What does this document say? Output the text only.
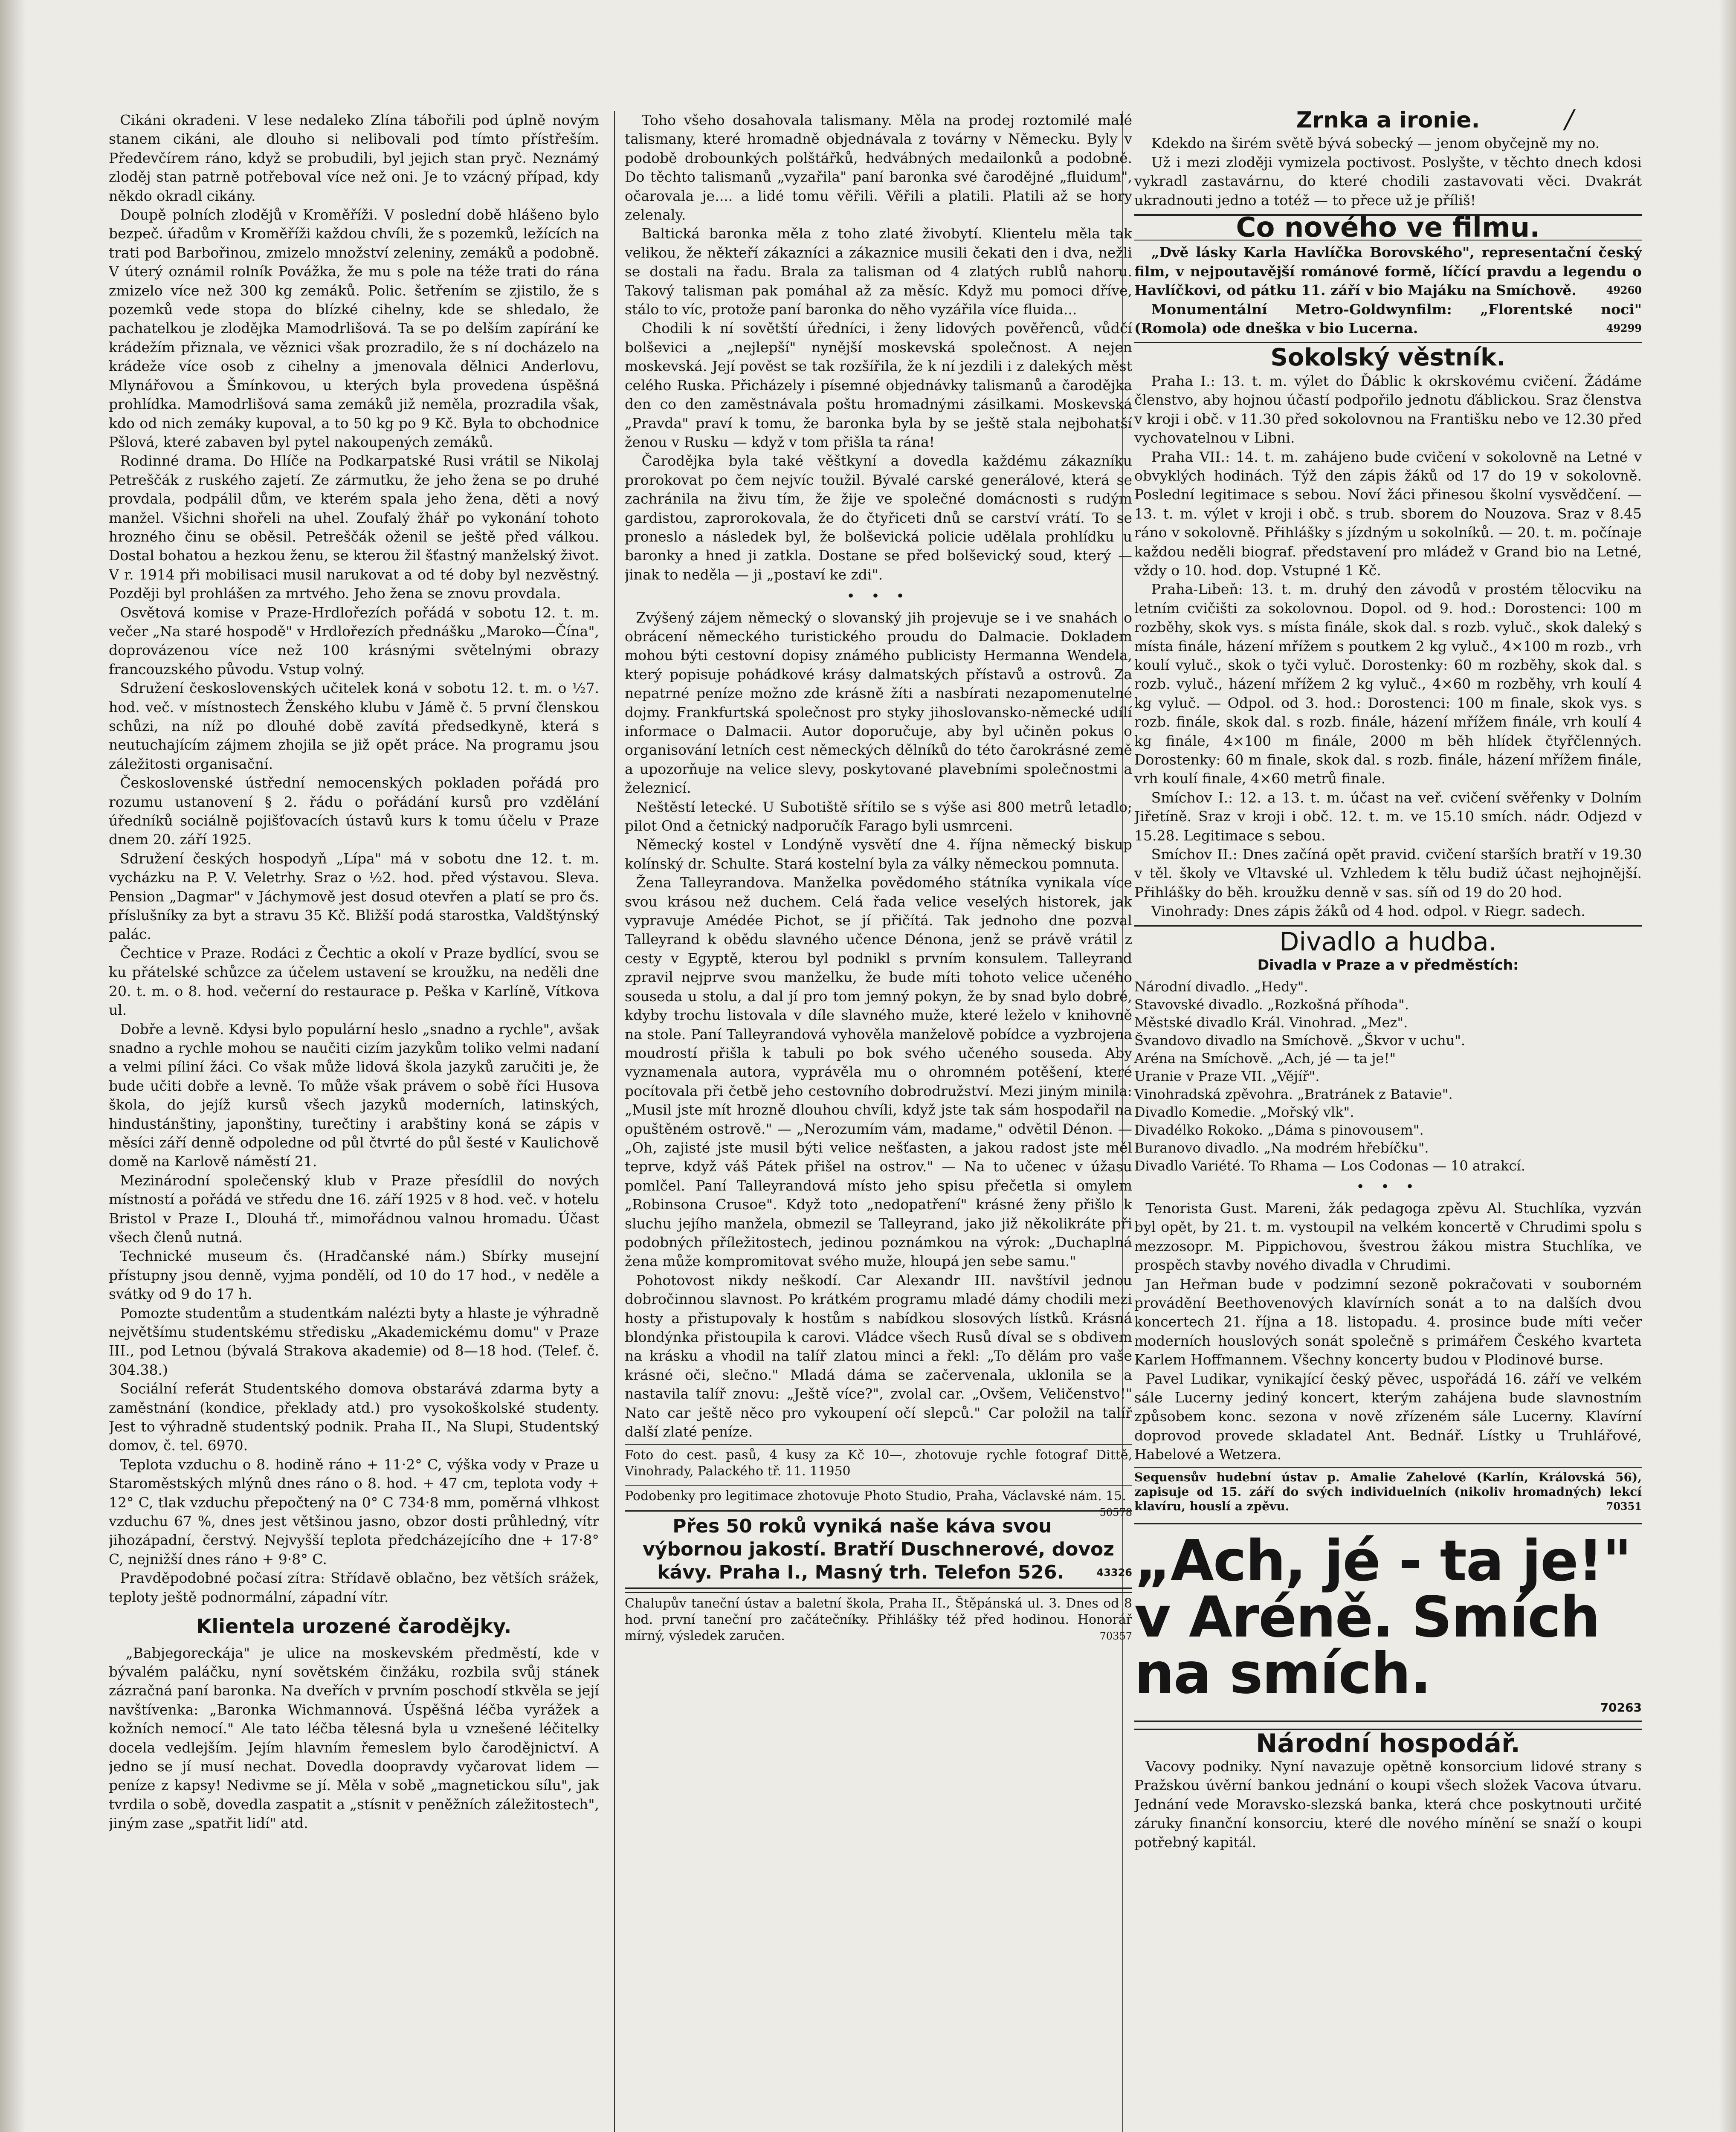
/

Cikáni okradeni. V lese nedaleko Zlína tábořili pod úplně novým stanem cikáni, ale dlouho si nelibovali pod tímto přístřeším. Předevčírem ráno, když se probudili, byl jejich stan pryč. Neznámý zloděj stan patrně potřeboval více než oni. Je to vzácný případ, kdy někdo okradl cikány.

Doupě polních zlodějů v Kroměříži. V poslední době hlášeno bylo bezpeč. úřadům v Kroměříži každou chvíli, že s pozemků, ležících na trati pod Barbořinou, zmizelo množství zeleniny, zemáků a podobně. V úterý oznámil rolník Povážka, že mu s pole na téže trati do rána zmizelo více než 300 kg zemáků. Polic. šetřením se zjistilo, že s pozemků vede stopa do blízké cihelny, kde se shledalo, že pachatelkou je zlodějka Mamodrlišová. Ta se po delším zapírání ke krádežím přiznala, ve věznici však prozradilo, že s ní docházelo na krádeže více osob z cihelny a jmenovala dělnici Anderlovu, Mlynářovou a Šmínkovou, u kterých byla provedena úspěšná prohlídka. Mamodrlišová sama zemáků již neměla, prozradila však, kdo od nich zemáky kupoval, a to 50 kg po 9 Kč. Byla to obchodnice Pšlová, které zabaven byl pytel nakoupených zemáků.

Rodinné drama. Do Hlíče na Podkarpatské Rusi vrátil se Nikolaj Petreščák z ruského zajetí. Ze zármutku, že jeho žena se po druhé provdala, podpálil dům, ve kterém spala jeho žena, děti a nový manžel. Všichni shořeli na uhel. Zoufalý žhář po vykonání tohoto hrozného činu se oběsil. Petreščák oženil se ještě před válkou. Dostal bohatou a hezkou ženu, se kterou žil šťastný manželský život. V r. 1914 při mobilisaci musil narukovat a od té doby byl nezvěstný. Později byl prohlášen za mrtvého. Jeho žena se znovu provdala.

Osvětová komise v Praze-Hrdlořezích pořádá v sobotu 12. t. m. večer „Na staré hospodě" v Hrdlořezích přednášku „Maroko—Čína", doprovázenou více než 100 krásnými světelnými obrazy francouzského původu. Vstup volný.

Sdružení československých učitelek koná v sobotu 12. t. m. o ½7. hod. več. v místnostech Ženského klubu v Jámě č. 5 první členskou schůzi, na níž po dlouhé době zavítá předsedkyně, která s neutuchajícím zájmem zhojila se již opět práce. Na programu jsou záležitosti organisační.

Československé ústřední nemocenských pokladen pořádá pro rozumu ustanovení § 2. řádu o pořádání kursů pro vzdělání úředníků sociálně pojišťovacích ústavů kurs k tomu účelu v Praze dnem 20. září 1925.

Sdružení českých hospodyň „Lípa" má v sobotu dne 12. t. m. vycházku na P. V. Veletrhy. Sraz o ½2. hod. před výstavou. Sleva. Pension „Dagmar" v Jáchymově jest dosud otevřen a platí se pro čs. příslušníky za byt a stravu 35 Kč. Bližší podá starostka, Valdštýnský palác.

Čechtice v Praze. Rodáci z Čechtic a okolí v Praze bydlící, svou se ku přátelské schůzce za účelem ustavení se kroužku, na neděli dne 20. t. m. o 8. hod. večerní do restaurace p. Peška v Karlíně, Vítkova ul.

Dobře a levně. Kdysi bylo populární heslo „snadno a rychle", avšak snadno a rychle mohou se naučiti cizím jazykům toliko velmi nadaní a velmi píliní žáci. Co však může lidová škola jazyků zaručiti je, že bude učiti dobře a levně. To může však právem o sobě říci Husova škola, do jejíž kursů všech jazyků moderních, latinských, hindustánštiny, japonštiny, turečtiny i arabštiny koná se zápis v měsíci září denně odpoledne od půl čtvrté do půl šesté v Kaulichově domě na Karlově náměstí 21.

Mezinárodní společenský klub v Praze přesídlil do nových místností a pořádá ve středu dne 16. září 1925 v 8 hod. več. v hotelu Bristol v Praze I., Dlouhá tř., mimořádnou valnou hromadu. Účast všech členů nutná.

Technické museum čs. (Hradčanské nám.) Sbírky musejní přístupny jsou denně, vyjma pondělí, od 10 do 17 hod., v neděle a svátky od 9 do 17 h.

Pomozte studentům a studentkám nalézti byty a hlaste je výhradně největšímu studentskému středisku „Akademickému domu" v Praze III., pod Letnou (bývalá Strakova akademie) od 8—18 hod. (Telef. č. 304.38.)

Sociální referát Studentského domova obstarává zdarma byty a zaměstnání (kondice, překlady atd.) pro vysokoškolské studenty. Jest to výhradně studentský podnik. Praha II., Na Slupi, Studentský domov, č. tel. 6970.

Teplota vzduchu o 8. hodině ráno + 11·2° C, výška vody v Praze u Staroměstských mlýnů dnes ráno o 8. hod. + 47 cm, teplota vody + 12° C, tlak vzduchu přepočtený na 0° C 734·8 mm, poměrná vlhkost vzduchu 67 %, dnes jest většinou jasno, obzor dosti průhledný, vítr jihozápadní, čerstvý. Nejvyšší teplota předcházejícího dne + 17·8° C, nejnižší dnes ráno + 9·8° C.

Pravděpodobné počasí zítra: Střídavě oblačno, bez větších srážek, teploty ještě podnormální, západní vítr.

Klientela urozené čarodějky.

„Babjegoreckája" je ulice na moskevském předměstí, kde v bývalém paláčku, nyní sovětském činžáku, rozbila svůj stánek zázračná paní baronka. Na dveřích v prvním poschodí stkvěla se její navštívenka: „Baronka Wichmannová. Úspěšná léčba vyrážek a kožních nemocí." Ale tato léčba tělesná byla u vznešené léčitelky docela vedlejším. Jejím hlavním řemeslem bylo čarodějnictví. A jedno se jí musí nechat. Dovedla doopravdy vyčarovat lidem — peníze z kapsy! Nedivme se jí. Měla v sobě „magnetickou sílu", jak tvrdila o sobě, dovedla zaspatit a „stísnit v peněžních záležitostech", jiným zase „spatřit lidí" atd.

Toho všeho dosahovala talismany. Měla na prodej roztomilé malé talismany, které hromadně objednávala z továrny v Německu. Byly v podobě drobounkých polštářků, hedvábných medailonků a podobně. Do těchto talismanů „vyzařila" paní baronka své čarodějné „fluidum", očarovala je.... a lidé tomu věřili. Věřili a platili. Platili až se hory zelenaly.

Baltická baronka měla z toho zlaté živobytí. Klientelu měla tak velikou, že někteří zákazníci a zákaznice musili čekati den i dva, nežli se dostali na řadu. Brala za talisman od 4 zlatých rublů nahoru. Takový talisman pak pomáhal až za měsíc. Když mu pomoci dříve, stálo to víc, protože paní baronka do něho vyzářila více fluida...

Chodili k ní sovětští úředníci, i ženy lidových pověřenců, vůdčí bolševici a „nejlepší" nynější moskevská společnost. A nejen moskevská. Její pověst se tak rozšířila, že k ní jezdili i z dalekých měst celého Ruska. Přicházely i písemné objednávky talismanů a čarodějka den co den zaměstnávala poštu hromadnými zásilkami. Moskevská „Pravda" praví k tomu, že baronka byla by se ještě stala nejbohatší ženou v Rusku — když v tom přišla ta rána!

Čarodějka byla také věštkyní a dovedla každému zákazníku prorokovat po čem nejvíc toužil. Bývalé carské generálové, která se zachránila na živu tím, že žije ve společné domácnosti s rudým gardistou, zaprorokovala, že do čtyřiceti dnů se carství vrátí. To se proneslo a následek byl, že bolševická policie udělala prohlídku u baronky a hned ji zatkla. Dostane se před bolševický soud, který — jinak to neděla — ji „postaví ke zdi".

• • •

Zvýšený zájem německý o slovanský jih projevuje se i ve snahách o obrácení německého turistického proudu do Dalmacie. Dokladem mohou býti cestovní dopisy známého publicisty Hermanna Wendela, který popisuje pohádkové krásy dalmatských přístavů a ostrovů. Za nepatrné peníze možno zde krásně žíti a nasbírati nezapomenutelné dojmy. Frankfurtská společnost pro styky jihoslovansko-německé udílí informace o Dalmacii. Autor doporučuje, aby byl učiněn pokus o organisování letních cest německých dělníků do této čarokrásné země a upozorňuje na velice slevy, poskytované plavebními společnostmi a železnicí.

Neštěstí letecké. U Subotiště sřítilo se s výše asi 800 metrů letadlo; pilot Ond a četnický nadporučík Farago byli usmrceni.

Německý kostel v Londýně vysvětí dne 4. října německý biskup kolínský dr. Schulte. Stará kostelní byla za války německou pomnuta.

Žena Talleyrandova. Manželka povědomého státníka vynikala více svou krásou než duchem. Celá řada velice veselých historek, jak vypravuje Amédée Pichot, se jí přičítá. Tak jednoho dne pozval Talleyrand k obědu slavného učence Dénona, jenž se právě vrátil z cesty v Egyptě, kterou byl podnikl s prvním konsulem. Talleyrand zpravil nejprve svou manželku, že bude míti tohoto velice učeného souseda u stolu, a dal jí pro tom jemný pokyn, že by snad bylo dobré, kdyby trochu listovala v díle slavného muže, které leželo v knihovně na stole. Paní Talleyrandová vyhověla manželově pobídce a vyzbrojena moudrostí přišla k tabuli po bok svého učeného souseda. Aby vyznamenala autora, vyprávěla mu o ohromném potěšení, které pocítovala při četbě jeho cestovního dobrodružství. Mezi jiným minila: „Musil jste mít hrozně dlouhou chvíli, když jste tak sám hospodařil na opuštěném ostrově." — „Nerozumím vám, madame," odvětil Dénon. — „Oh, zajisté jste musil býti velice nešťasten, a jakou radost jste měl teprve, když váš Pátek přišel na ostrov." — Na to učenec v úžasu pomlčel. Paní Talleyrandová místo jeho spisu přečetla si omylem „Robinsona Crusoe". Když toto „nedopatření" krásné ženy přišlo k sluchu jejího manžela, obmezil se Talleyrand, jako již několikráte při podobných příležitostech, jedinou poznámkou na výrok: „Duchaplná žena může kompromitovat svého muže, hloupá jen sebe samu."

Pohotovost nikdy neškodí. Car Alexandr III. navštívil jednou dobročinnou slavnost. Po krátkém programu mladé dámy chodili mezi hosty a přistupovaly k hostům s nabídkou slosových lístků. Krásná blondýnka přistoupila k carovi. Vládce všech Rusů díval se s obdivem na krásku a vhodil na talíř zlatou minci a řekl: „To dělám pro vaše krásné oči, slečno." Mladá dáma se začervenala, uklonila se a nastavila talíř znovu: „Ještě více?", zvolal car. „Ovšem, Veličenstvo!" Nato car ještě něco pro vykoupení očí slepců." Car položil na talíř další zlaté peníze.

Foto do cest. pasů, 4 kusy za Kč 10—, zhotovuje rychle fotograf Dittě, Vinohrady, Palackého tř. 11. 11950
Podobenky pro legitimace zhotovuje Photo Studio, Praha, Václavské nám. 15.
50578
Přes 50 roků vyniká naše káva svou výbornou jakostí. Bratří Duschnerové, dovoz kávy. Praha I., Masný trh. Telefon 526.	43326
Chalupův taneční ústav a baletní škola, Praha II., Štěpánská ul. 3. Dnes od 8 hod. první taneční pro začátečníky. Přihlášky též před hodinou. Honorář mírný, výsledek zaručen.	70357
Zrnka a ironie.

Kdekdo na širém světě bývá sobecký — jenom obyčejně my no.

Už i mezi zloději vymizela poctivost. Poslyšte, v těchto dnech kdosi vykradl zastavárnu, do které chodili zastavovati věci. Dvakrát ukradnouti jedno a totéž — to přece už je příliš!

Co nového ve filmu.

„Dvě lásky Karla Havlíčka Borovského", representační český film, v nejpoutavější románové formě, líčící pravdu a legendu o Havlíčkovi, od pátku 11. září v bio Majáku na Smíchově.	49260

Monumentální Metro-Goldwynfilm: „Florentské noci" (Romola) ode dneška v bio Lucerna.	49299

Sokolský věstník.

Praha I.: 13. t. m. výlet do Ďáblic k okrskovému cvičení. Žádáme členstvo, aby hojnou účastí podpořilo jednotu ďáblickou. Sraz členstva v kroji i obč. v 11.30 před sokolovnou na Františku nebo ve 12.30 před vychovatelnou v Libni.

Praha VII.: 14. t. m. zahájeno bude cvičení v sokolovně na Letné v obvyklých hodinách. Týž den zápis žáků od 17 do 19 v sokolovně. Poslední legitimace s sebou. Noví žáci přinesou školní vysvědčení. — 13. t. m. výlet v kroji i obč. s trub. sborem do Nouzova. Sraz v 8.45 ráno v sokolovně. Přihlášky s jízdným u sokolníků. — 20. t. m. počínaje každou neděli biograf. představení pro mládež v Grand bio na Letné, vždy o 10. hod. dop. Vstupné 1 Kč.

Praha-Libeň: 13. t. m. druhý den závodů v prostém tělocviku na letním cvičišti za sokolovnou. Dopol. od 9. hod.: Dorostenci: 100 m rozběhy, skok vys. s místa finále, skok dal. s rozb. vyluč., skok daleký s místa finále, házení mřížem s poutkem 2 kg vyluč., 4×100 m rozb., vrh koulí vyluč., skok o tyči vyluč. Dorostenky: 60 m rozběhy, skok dal. s rozb. vyluč., házení mřížem 2 kg vyluč., 4×60 m rozběhy, vrh koulí 4 kg vyluč. — Odpol. od 3. hod.: Dorostenci: 100 m finale, skok vys. s rozb. finále, skok dal. s rozb. finále, házení mřížem finále, vrh koulí 4 kg finále, 4×100 m finále, 2000 m běh hlídek čtyřčlenných. Dorostenky: 60 m finale, skok dal. s rozb. finále, házení mřížem finále, vrh koulí finale, 4×60 metrů finale.

Smíchov I.: 12. a 13. t. m. účast na veř. cvičení svěřenky v Dolním Jiřetíně. Sraz v kroji i obč. 12. t. m. ve 15.10 smích. nádr. Odjezd v 15.28. Legitimace s sebou.

Smíchov II.: Dnes začíná opět pravid. cvičení starších bratří v 19.30 v těl. školy ve Vltavské ul. Vzhledem k tělu budiž účast nejhojnější. Přihlášky do běh. kroužku denně v sas. síň od 19 do 20 hod.

Vinohrady: Dnes zápis žáků od 4 hod. odpol. v Riegr. sadech.

Divadlo a hudba.
Divadla v Praze a v předměstích:
Národní divadlo. „Hedy".
Stavovské divadlo. „Rozkošná příhoda".
Městské divadlo Král. Vinohrad. „Mez".
Švandovo divadlo na Smíchově. „Škvor v uchu".
Aréna na Smíchově. „Ach, jé — ta je!"
Uranie v Praze VII. „Vějíř".
Vinohradská zpěvohra. „Bratránek z Batavie".
Divadlo Komedie. „Mořský vlk".
Divadélko Rokoko. „Dáma s pinovousem".
Buranovo divadlo. „Na modrém hřebíčku".
Divadlo Variété. To Rhama — Los Codonas — 10 atrakcí.
• • •

Tenorista Gust. Mareni, žák pedagoga zpěvu Al. Stuchlíka, vyzván byl opět, by 21. t. m. vystoupil na velkém koncertě v Chrudimi spolu s mezzosopr. M. Pippichovou, švestrou žákou mistra Stuchlíka, ve prospěch stavby nového divadla v Chrudimi.

Jan Heřman bude v podzimní sezoně pokračovati v souborném provádění Beethovenových klavírních sonát a to na dalších dvou koncertech 21. října a 18. listopadu. 4. prosince bude míti večer moderních houslových sonát společně s primářem Českého kvarteta Karlem Hoffmannem. Všechny koncerty budou v Plodinové burse.

Pavel Ludikar, vynikající český pěvec, uspořádá 16. září ve velkém sále Lucerny jediný koncert, kterým zahájena bude slavnostním způsobem konc. sezona v nově zřízeném sále Lucerny. Klavírní doprovod provede skladatel Ant. Bednář. Lístky u Truhlářové, Habelové a Wetzera.

Sequensův hudební ústav p. Amalie Zahelové (Karlín, Královská 56), zapisuje od 15. září do svých individuelních (nikoliv hromadných) lekcí klavíru, houslí a zpěvu.	70351
„Ach, jé - ta je!" v Aréně. Smích na smích.
70263
Národní hospodář.

Vacovy podniky. Nyní navazuje opětně konsorcium lidové strany s Pražskou úvěrní bankou jednání o koupi všech složek Vacova útvaru. Jednání vede Moravsko-slezská banka, která chce poskytnouti určité záruky finanční konsorciu, které dle nového mínění se snaží o koupi potřebný kapitál.
